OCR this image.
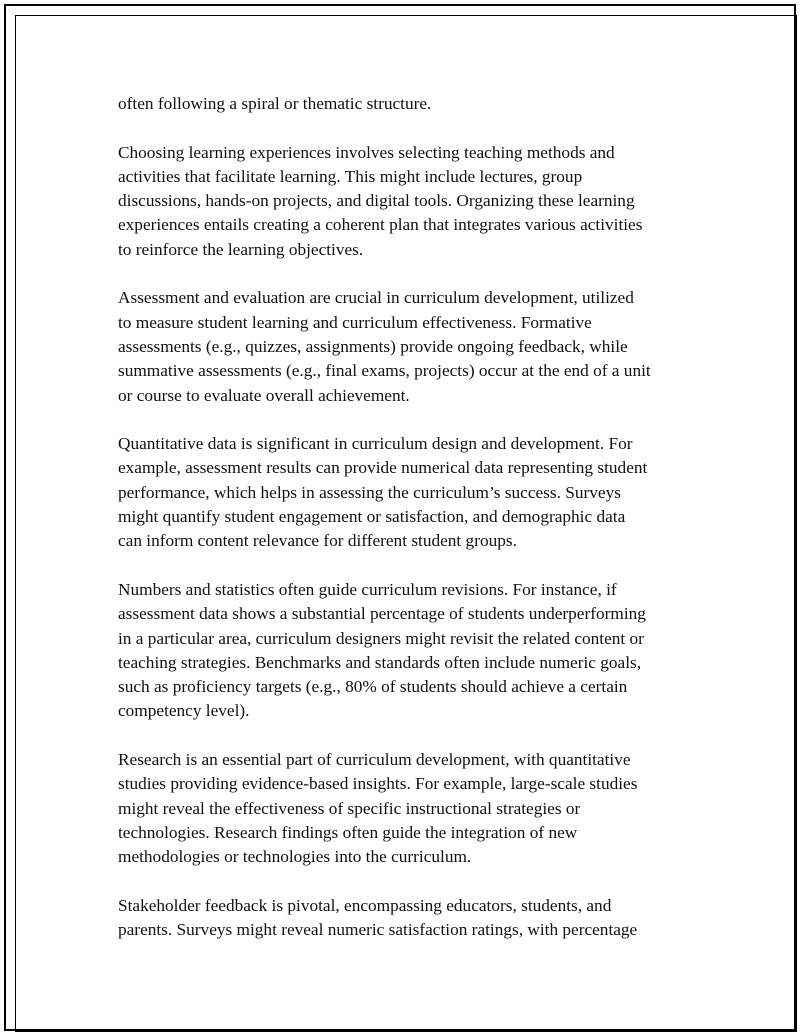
often following a spiral or thematic structure.

Choosing learning experiences involves selecting teaching methods and
activities that facilitate learning. This might include lectures, group
discussions, hands-on projects, and digital tools. Organizing these learning
experiences entails creating a coherent plan that integrates various activities
to reinforce the learning objectives.

Assessment and evaluation are crucial in curriculum development, utilized
to measure student learning and curriculum effectiveness. Formative
assessments (e.g., quizzes, assignments) provide ongoing feedback, while
summative assessments (e.g., final exams, projects) occur at the end of a unit
or course to evaluate overall achievement.

Quantitative data is significant in curriculum design and development. For
example, assessment results can provide numerical data representing student
performance, which helps in assessing the curriculum’s success. Surveys
might quantify student engagement or satisfaction, and demographic data
can inform content relevance for different student groups.

Numbers and statistics often guide curriculum revisions. For instance, if
assessment data shows a substantial percentage of students underperforming
in a particular area, curriculum designers might revisit the related content or
teaching strategies. Benchmarks and standards often include numeric goals,
such as proficiency targets (e.g., 80% of students should achieve a certain
competency level).

Research is an essential part of curriculum development, with quantitative
studies providing evidence-based insights. For example, large-scale studies
might reveal the effectiveness of specific instructional strategies or
technologies. Research findings often guide the integration of new
methodologies or technologies into the curriculum.

Stakeholder feedback is pivotal, encompassing educators, students, and
parents. Surveys might reveal numeric satisfaction ratings, with percentage
